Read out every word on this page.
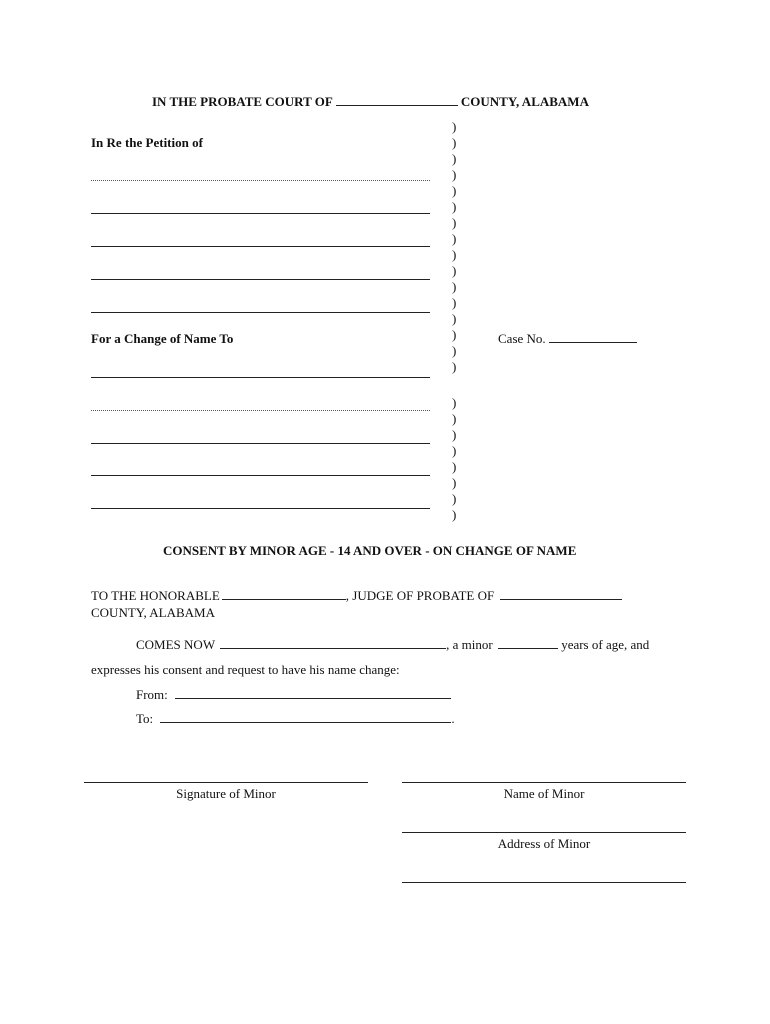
IN THE PROBATE COURT OF	COUNTY, ALABAMA
In Re the Petition of
For a Change of Name To
)
)
)
)
)
)
)
)
)
)
)
)
)
)
)
)
)
)
)
)
)
)
)
)
Case No.
CONSENT BY MINOR AGE - 14 AND OVER - ON CHANGE OF NAME
TO THE HONORABLE	, JUDGE OF PROBATE OF
COUNTY, ALABAMA
COMES NOW	, a minor	years of age, and
expresses his consent and request to have his name change:
From:
To:	.
Signature of Minor	Name of Minor
Address of Minor
